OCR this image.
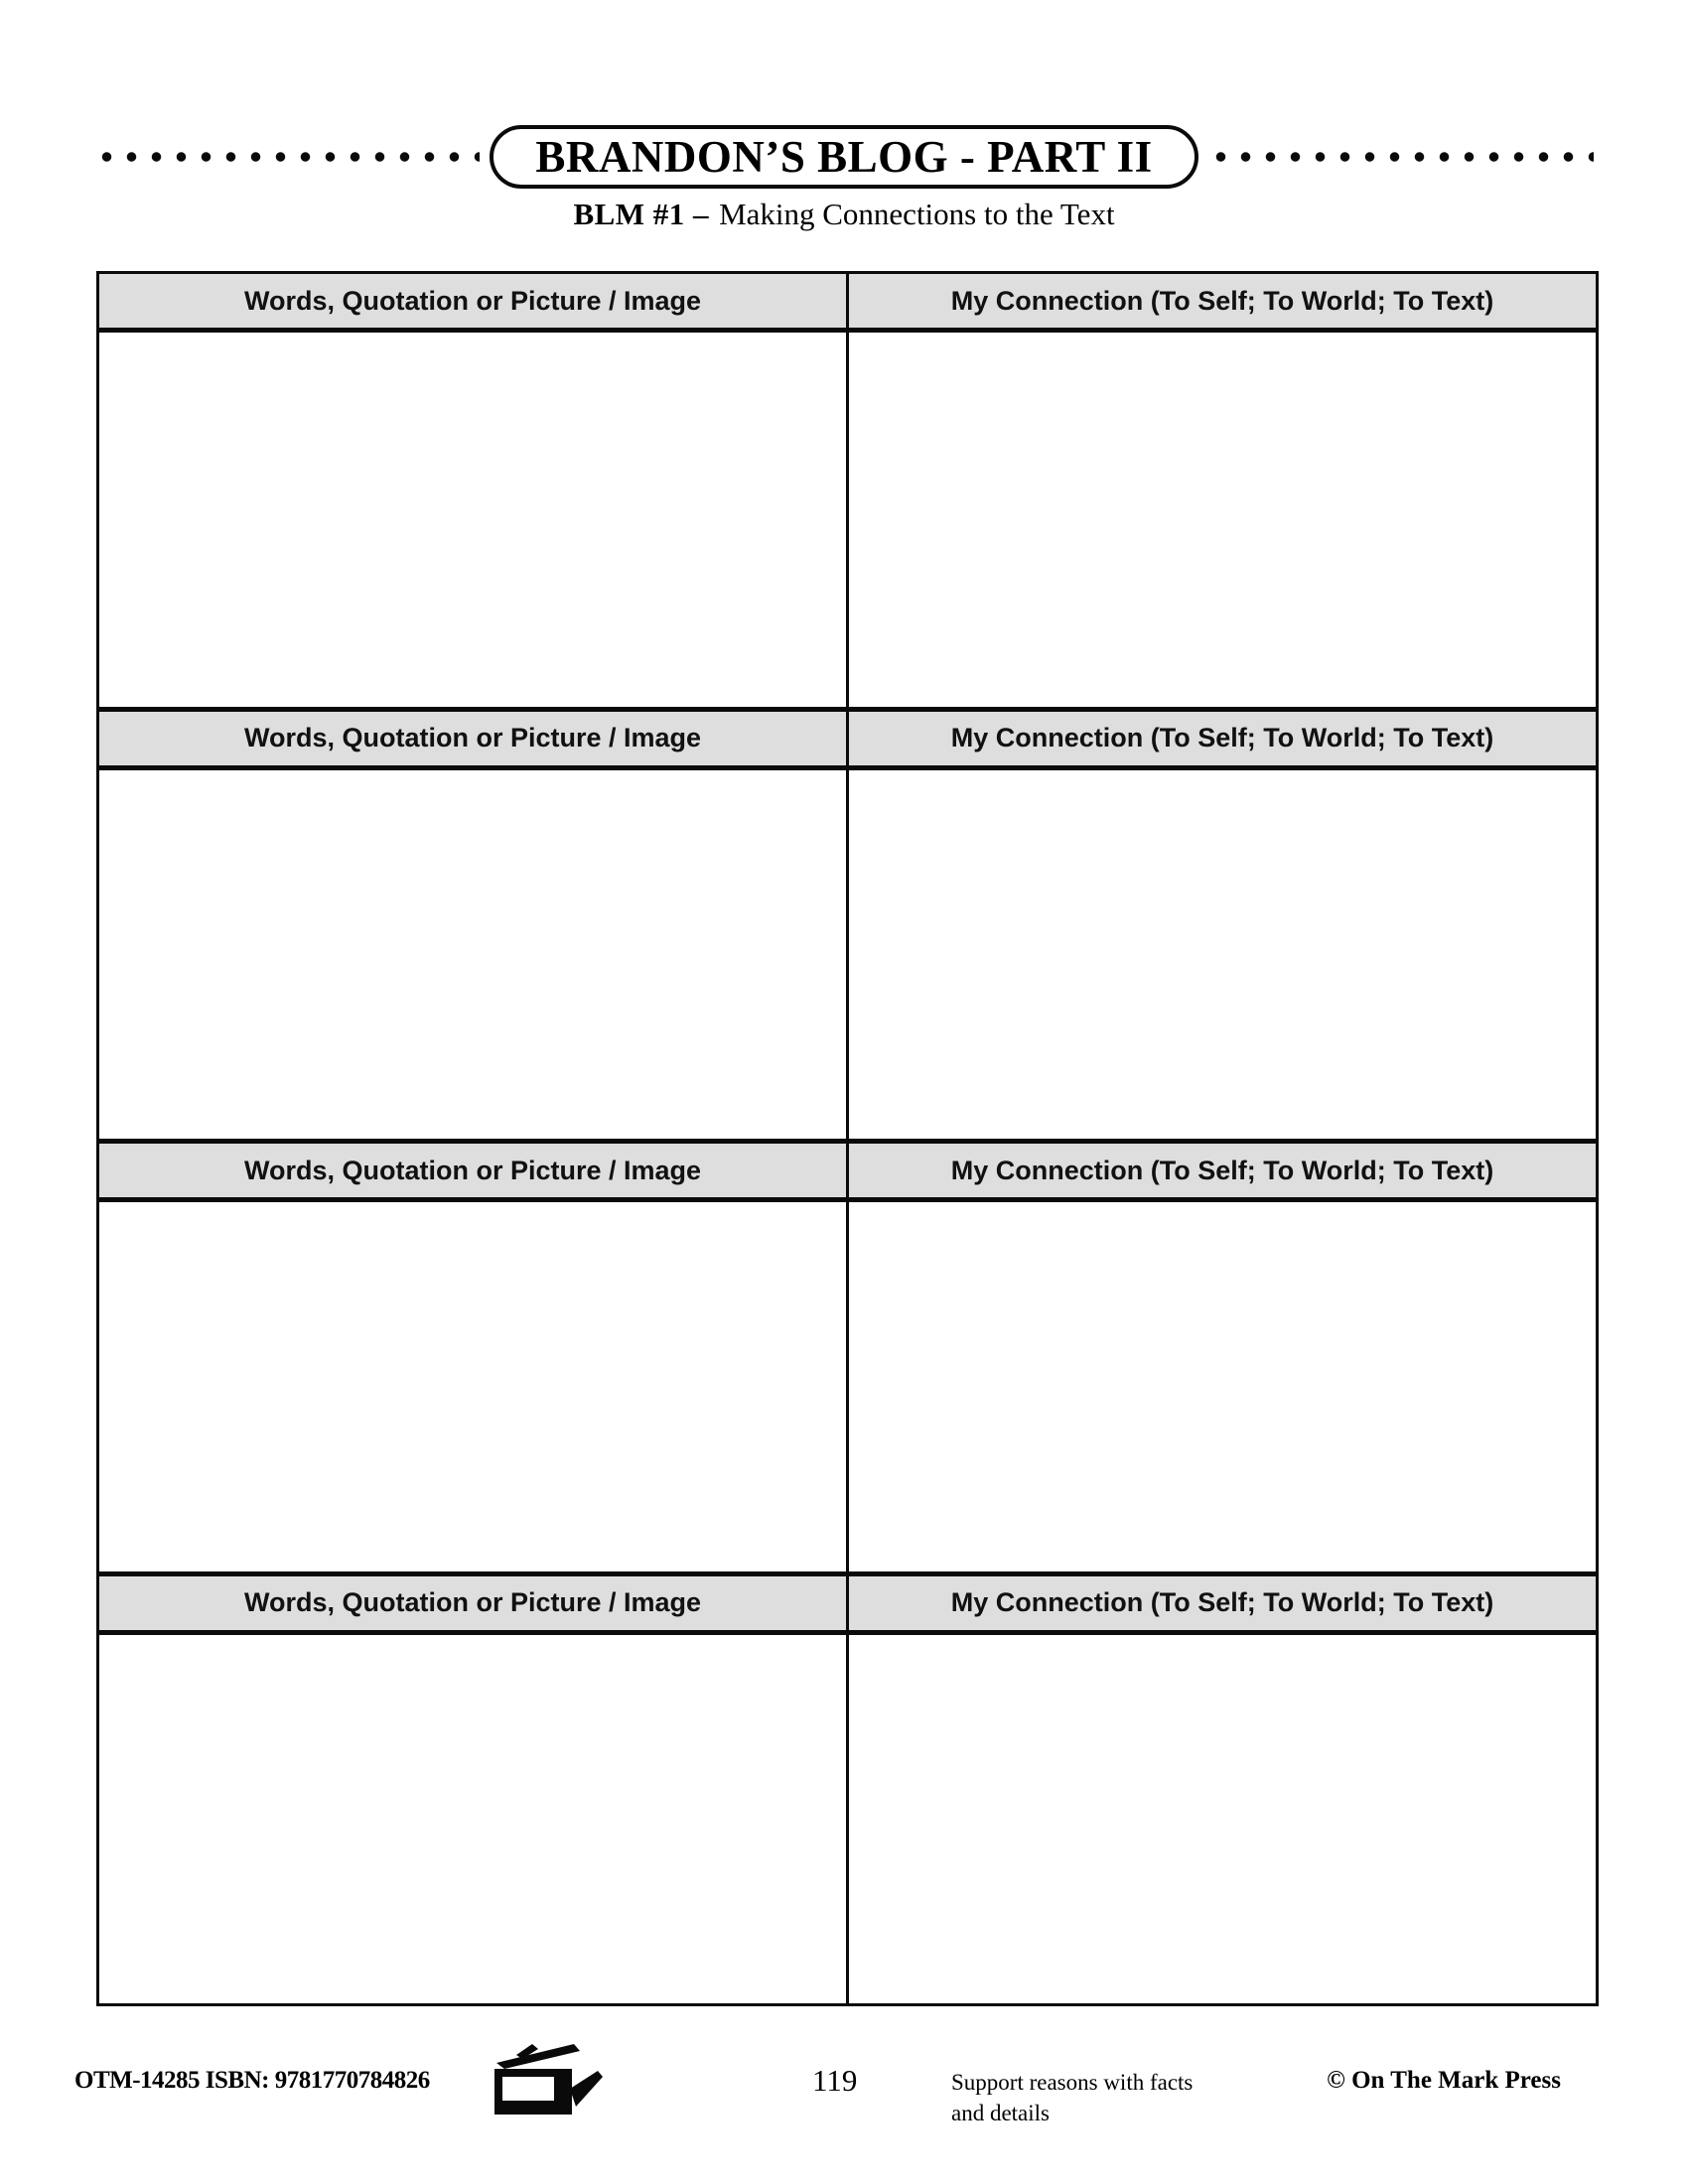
BRANDON’S BLOG - PART II
BLM #1 – Making Connections to the Text
Words, Quotation or Picture / Image	My Connection (To Self; To World; To Text)
Words, Quotation or Picture / Image	My Connection (To Self; To World; To Text)
Words, Quotation or Picture / Image	My Connection (To Self; To World; To Text)
Words, Quotation or Picture / Image	My Connection (To Self; To World; To Text)
OTM-14285 ISBN: 9781770784826	119	Support reasons with facts
and details
© On The Mark Press
